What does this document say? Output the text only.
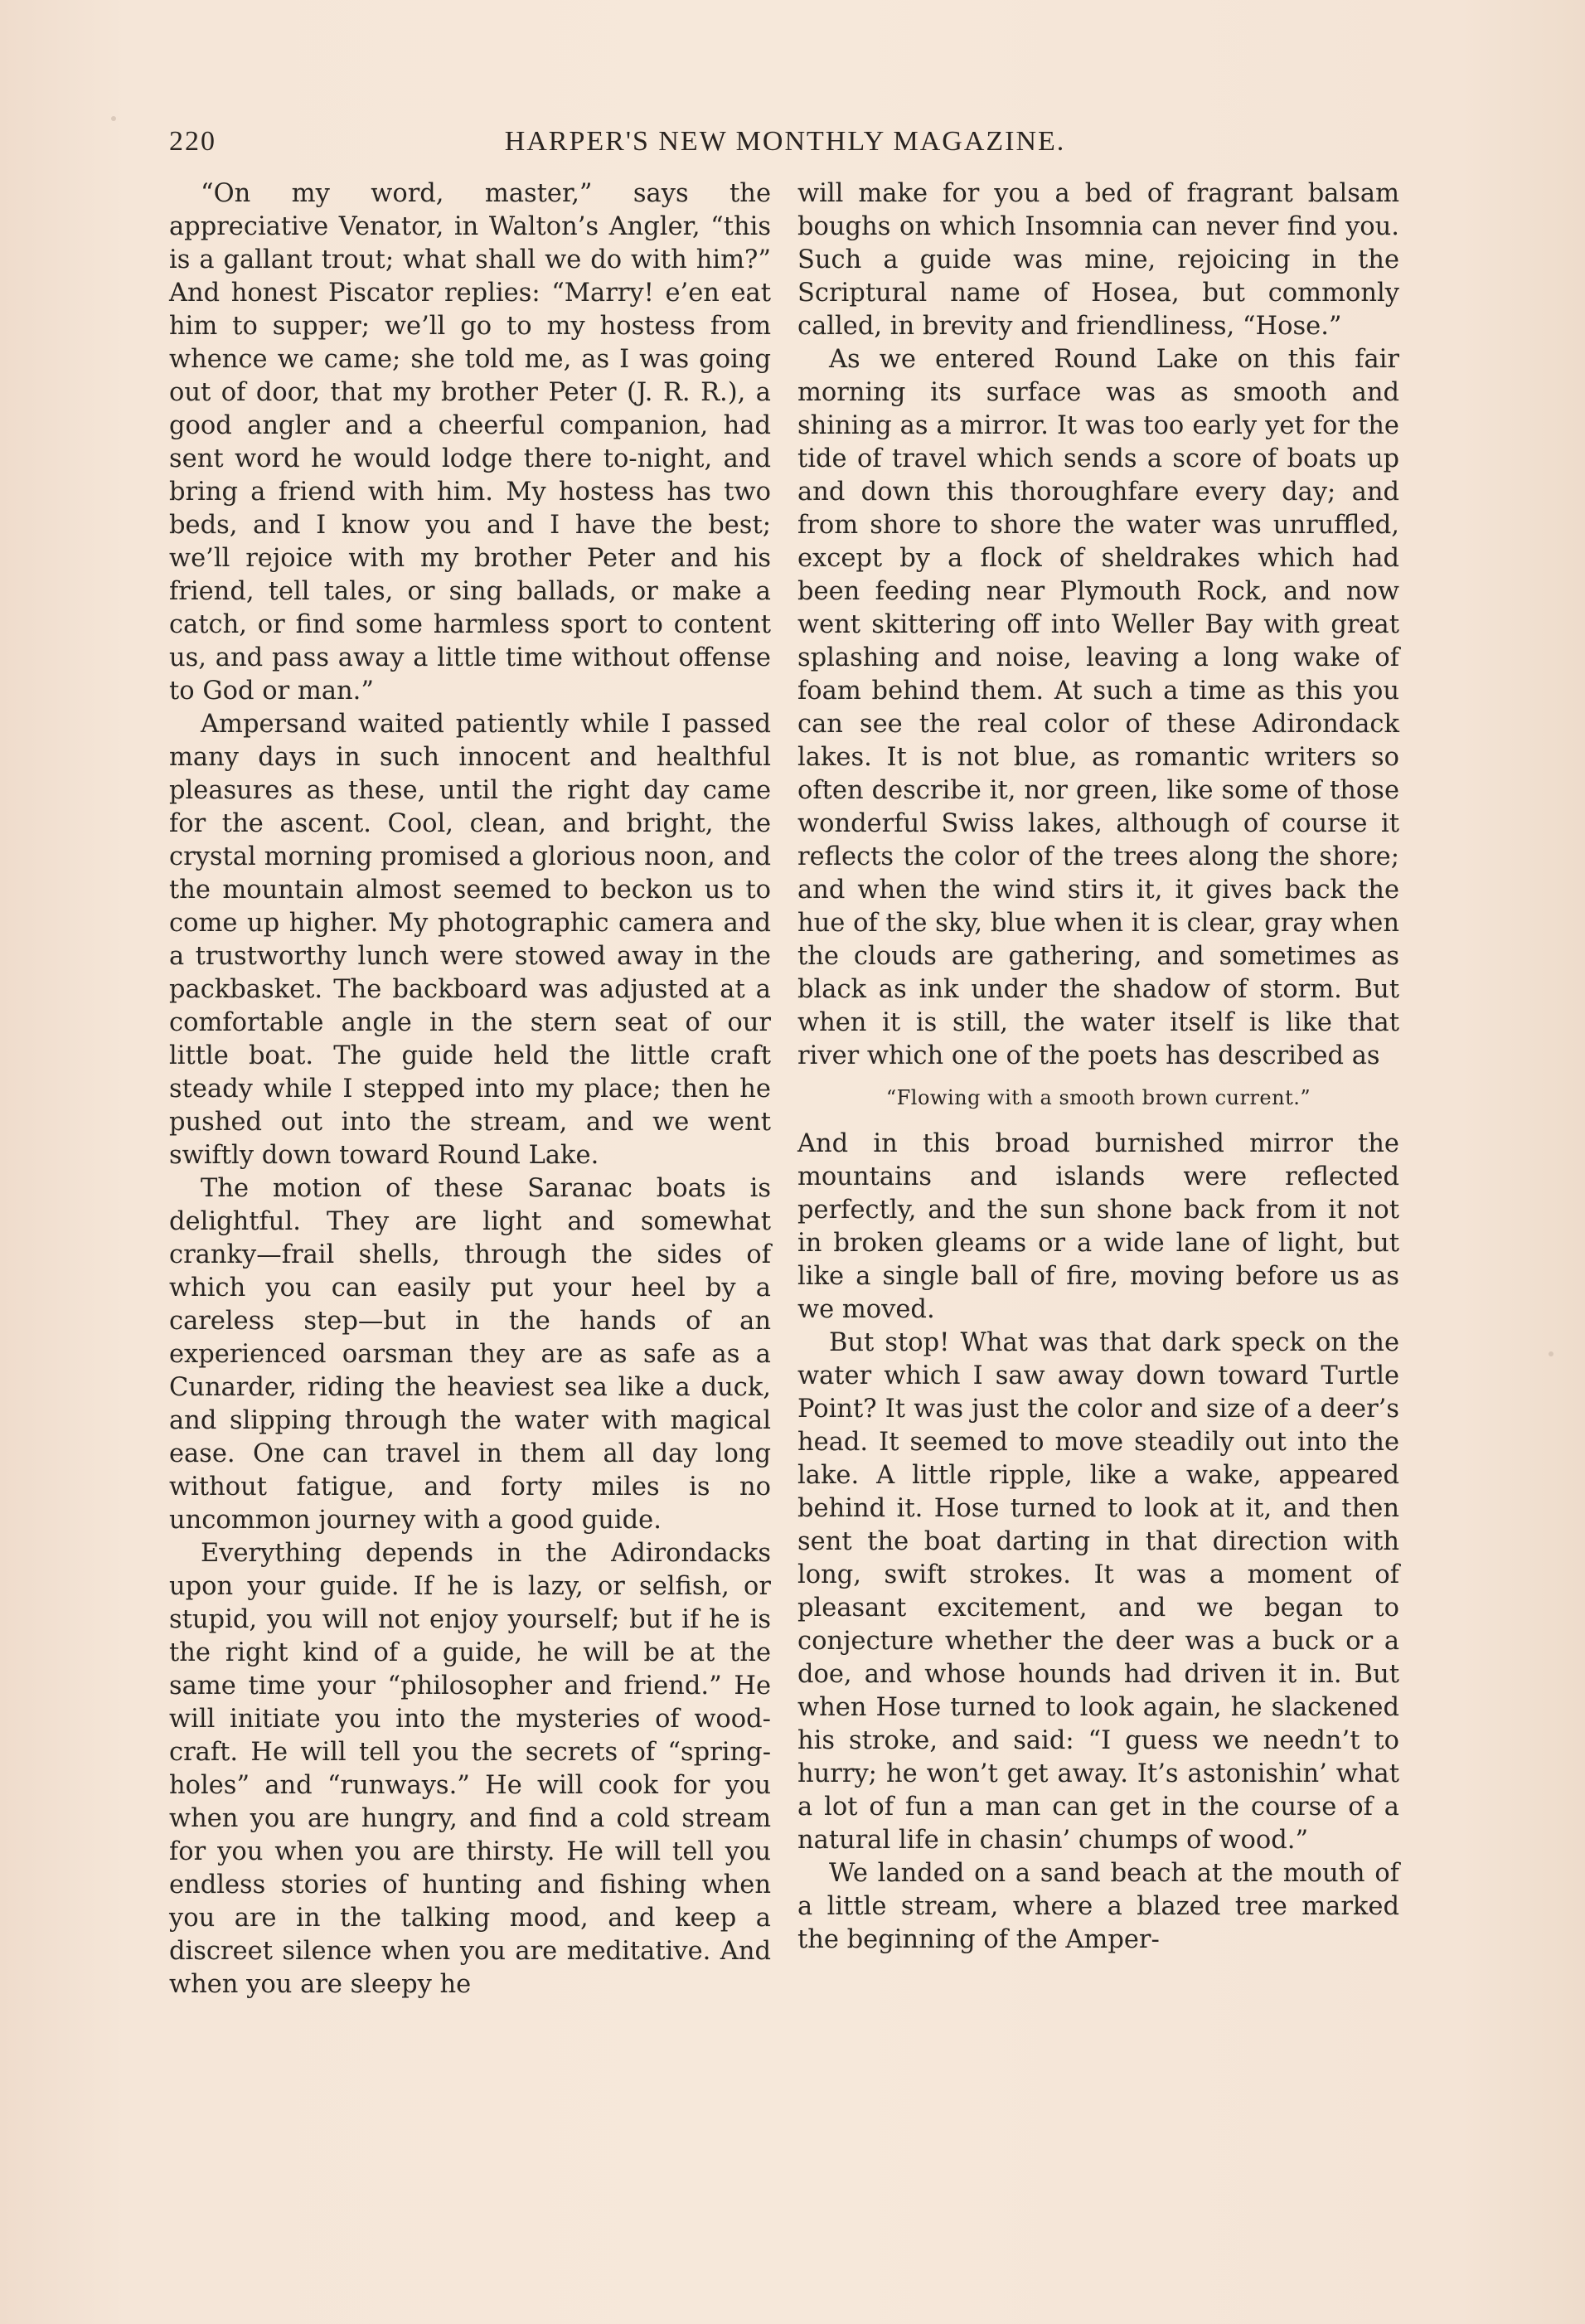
220	HARPER'S NEW MONTHLY MAGAZINE.

“On my word, master,” says the appreciative Venator, in Walton’s Angler, “this is a gallant trout; what shall we do with him?” And honest Piscator replies: “Marry! e’en eat him to supper; we’ll go to my hostess from whence we came; she told me, as I was going out of door, that my brother Peter (J. R. R.), a good angler and a cheerful companion, had sent word he would lodge there to-night, and bring a friend with him. My hostess has two beds, and I know you and I have the best; we’ll rejoice with my brother Peter and his friend, tell tales, or sing ballads, or make a catch, or find some harmless sport to content us, and pass away a little time without offense to God or man.”

Ampersand waited patiently while I passed many days in such innocent and healthful pleasures as these, until the right day came for the ascent. Cool, clean, and bright, the crystal morning promised a glorious noon, and the mountain almost seemed to beckon us to come up higher. My photographic camera and a trustworthy lunch were stowed away in the packbasket. The backboard was adjusted at a comfortable angle in the stern seat of our little boat. The guide held the little craft steady while I stepped into my place; then he pushed out into the stream, and we went swiftly down toward Round Lake.

The motion of these Saranac boats is delightful. They are light and somewhat cranky—frail shells, through the sides of which you can easily put your heel by a careless step—but in the hands of an experienced oarsman they are as safe as a Cunarder, riding the heaviest sea like a duck, and slipping through the water with magical ease. One can travel in them all day long without fatigue, and forty miles is no uncommon journey with a good guide.

Everything depends in the Adirondacks upon your guide. If he is lazy, or selfish, or stupid, you will not enjoy yourself; but if he is the right kind of a guide, he will be at the same time your “philosopher and friend.” He will initiate you into the mysteries of wood-craft. He will tell you the secrets of “spring-holes” and “runways.” He will cook for you when you are hungry, and find a cold stream for you when you are thirsty. He will tell you endless stories of hunting and fishing when you are in the talking mood, and keep a discreet silence when you are meditative. And when you are sleepy he

will make for you a bed of fragrant balsam boughs on which Insomnia can never find you. Such a guide was mine, rejoicing in the Scriptural name of Hosea, but commonly called, in brevity and friendliness, “Hose.”

As we entered Round Lake on this fair morning its surface was as smooth and shining as a mirror. It was too early yet for the tide of travel which sends a score of boats up and down this thoroughfare every day; and from shore to shore the water was unruffled, except by a flock of sheldrakes which had been feeding near Plymouth Rock, and now went skittering off into Weller Bay with great splashing and noise, leaving a long wake of foam behind them. At such a time as this you can see the real color of these Adirondack lakes. It is not blue, as romantic writers so often describe it, nor green, like some of those wonderful Swiss lakes, although of course it reflects the color of the trees along the shore; and when the wind stirs it, it gives back the hue of the sky, blue when it is clear, gray when the clouds are gathering, and sometimes as black as ink under the shadow of storm. But when it is still, the water itself is like that river which one of the poets has described as

“Flowing with a smooth brown current.”

And in this broad burnished mirror the mountains and islands were reflected perfectly, and the sun shone back from it not in broken gleams or a wide lane of light, but like a single ball of fire, moving before us as we moved.

But stop! What was that dark speck on the water which I saw away down toward Turtle Point? It was just the color and size of a deer’s head. It seemed to move steadily out into the lake. A little ripple, like a wake, appeared behind it. Hose turned to look at it, and then sent the boat darting in that direction with long, swift strokes. It was a moment of pleasant excitement, and we began to conjecture whether the deer was a buck or a doe, and whose hounds had driven it in. But when Hose turned to look again, he slackened his stroke, and said: “I guess we needn’t to hurry; he won’t get away. It’s astonishin’ what a lot of fun a man can get in the course of a natural life in chasin’ chumps of wood.”

We landed on a sand beach at the mouth of a little stream, where a blazed tree marked the beginning of the Amper-
